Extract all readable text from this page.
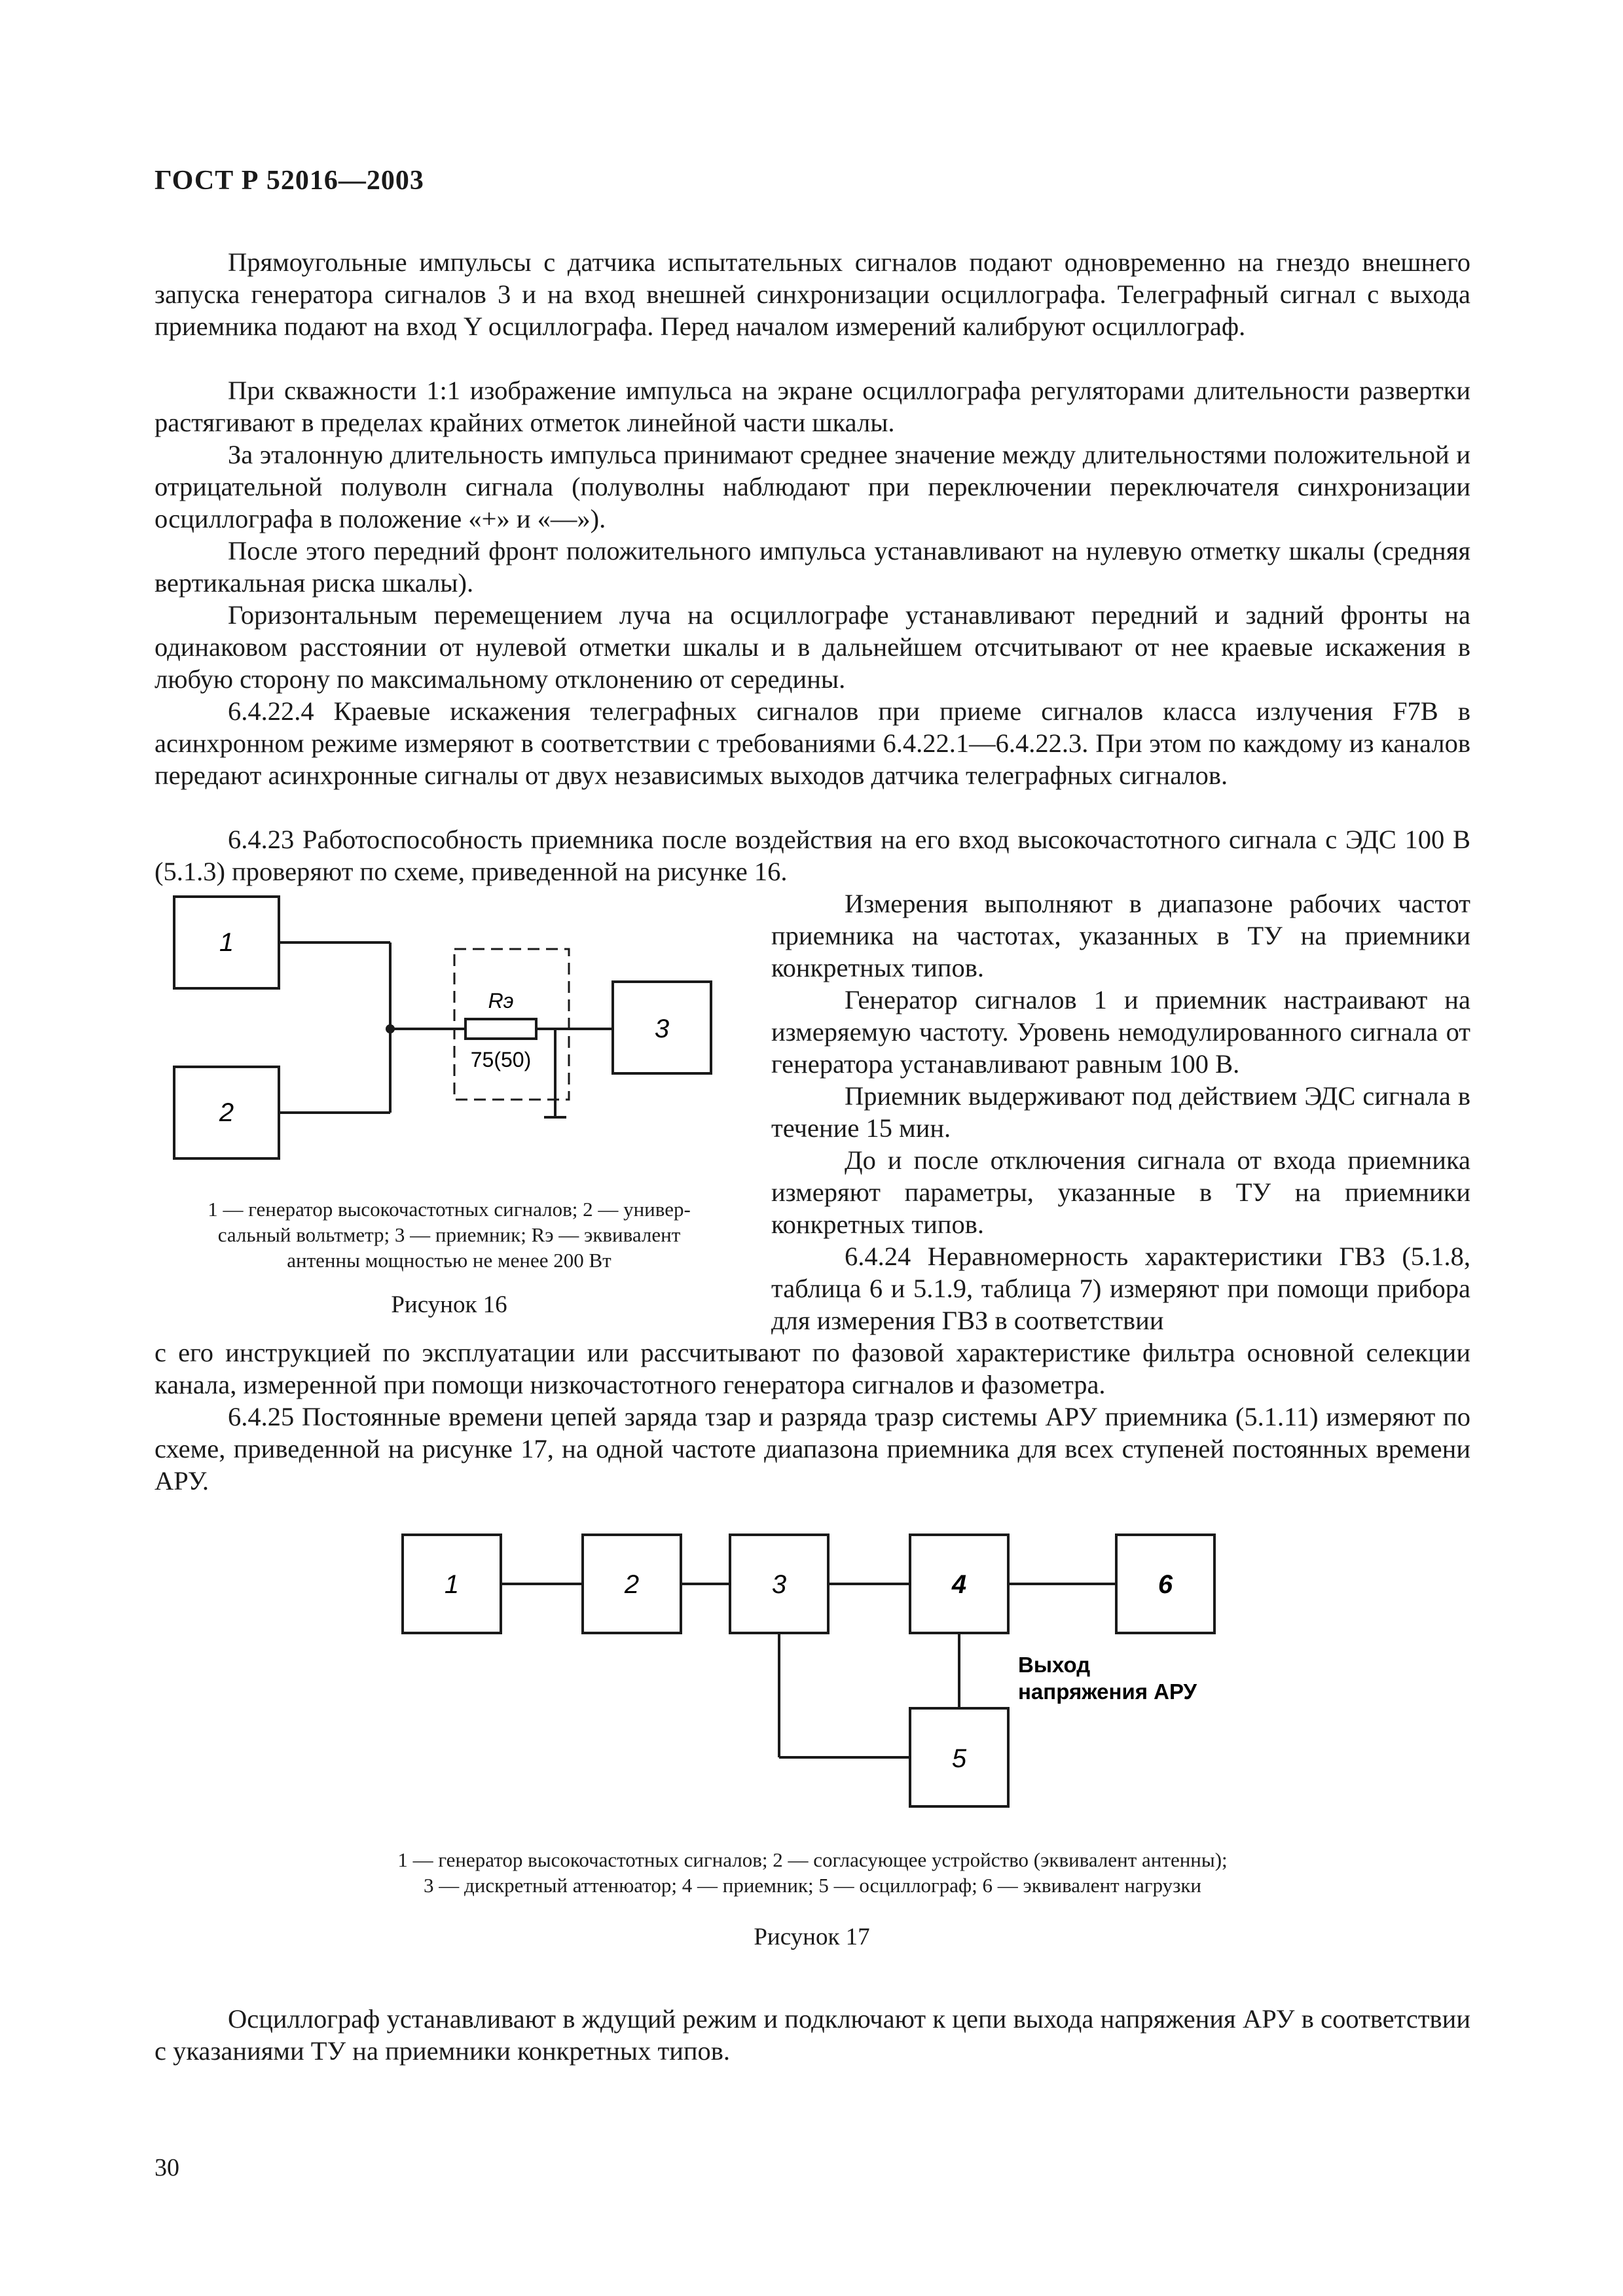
ГОСТ Р 52016—2003
Прямоугольные импульсы с датчика испытательных сигналов подают одновременно на гнездо внешнего запуска генератора сигналов 3 и на вход внешней синхронизации осциллографа. Телеграфный сигнал с выхода приемника подают на вход Y осциллографа. Перед началом измерений калибруют осциллограф.
При скважности 1:1 изображение импульса на экране осциллографа регуляторами длительности развертки растягивают в пределах крайних отметок линейной части шкалы.
За эталонную длительность импульса принимают среднее значение между длительностями положительной и отрицательной полуволн сигнала (полуволны наблюдают при переключении переключателя синхронизации осциллографа в положение «+» и «—»).
После этого передний фронт положительного импульса устанавливают на нулевую отметку шкалы (средняя вертикальная риска шкалы).
Горизонтальным перемещением луча на осциллографе устанавливают передний и задний фронты на одинаковом расстоянии от нулевой отметки шкалы и в дальнейшем отсчитывают от нее краевые искажения в любую сторону по максимальному отклонению от середины.
6.4.22.4 Краевые искажения телеграфных сигналов при приеме сигналов класса излучения F7B в асинхронном режиме измеряют в соответствии с требованиями 6.4.22.1—6.4.22.3. При этом по каждому из каналов передают асинхронные сигналы от двух независимых выходов датчика телеграфных сигналов.
6.4.23 Работоспособность приемника после воздействия на его вход высокочастотного сигнала с ЭДС 100 В (5.1.3) проверяют по схеме, приведенной на рисунке 16.
1
2
3
Rэ
75(50)
1 — генератор высокочастотных сигналов; 2 — универ-
сальный вольтметр; 3 — приемник; Rэ — эквивалент
антенны мощностью не менее 200 Вт
Рисунок 16
Измерения выполняют в диапазоне рабочих частот приемника на частотах, указанных в ТУ на приемники конкретных типов.
Генератор сигналов 1 и приемник настраивают на измеряемую частоту. Уровень немодулированного сигнала от генератора устанавливают равным 100 В.
Приемник выдерживают под действием ЭДС сигнала в течение 15 мин.
До и после отключения сигнала от входа приемника измеряют параметры, указанные в ТУ на приемники конкретных типов.
6.4.24 Неравномерность характеристики ГВЗ (5.1.8, таблица 6 и 5.1.9, таблица 7) измеряют при помощи прибора для измерения ГВЗ в соответствии
с его инструкцией по эксплуатации или рассчитывают по фазовой характеристике фильтра основной селекции канала, измеренной при помощи низкочастотного генератора сигналов и фазометра.
6.4.25 Постоянные времени цепей заряда τзар и разряда τразр системы АРУ приемника (5.1.11) измеряют по схеме, приведенной на рисунке 17, на одной частоте диапазона приемника для всех ступеней постоянных времени АРУ.
1	2	3	4	6
5
Выход
напряжения АРУ
1 — генератор высокочастотных сигналов; 2 — согласующее устройство (эквивалент антенны);
3 — дискретный аттенюатор; 4 — приемник; 5 — осциллограф; 6 — эквивалент нагрузки
Рисунок 17
Осциллограф устанавливают в ждущий режим и подключают к цепи выхода напряжения АРУ в соответствии с указаниями ТУ на приемники конкретных типов.
30
